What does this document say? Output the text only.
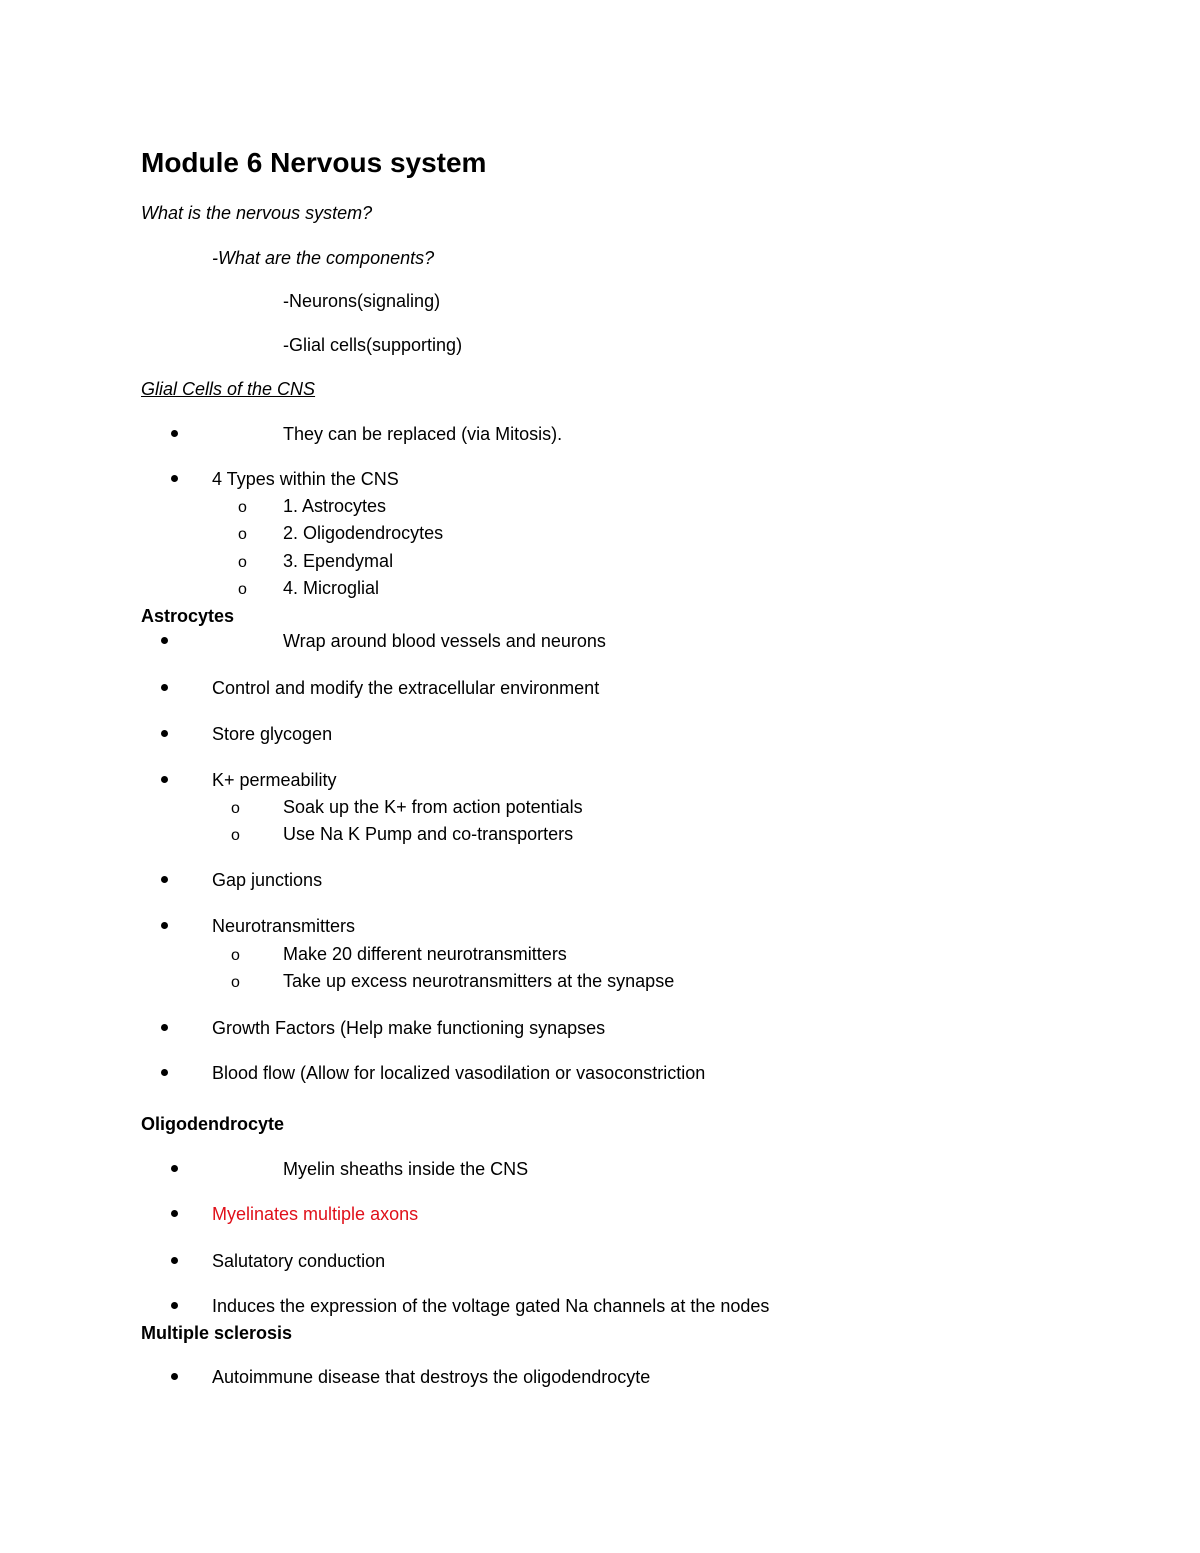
Module 6 Nervous system
What is the nervous system?
-What are the components?
-Neurons(signaling)
-Glial cells(supporting)
Glial Cells of the CNS
They can be replaced (via Mitosis).
4 Types within the CNS
o 1. Astrocytes
o 2. Oligodendrocytes
o 3. Ependymal
o 4. Microglial
Astrocytes
Wrap around blood vessels and neurons
Control and modify the extracellular environment
Store glycogen
K+ permeability
o Soak up the K+ from action potentials
o Use Na K Pump and co-transporters
Gap junctions
Neurotransmitters
o Make 20 different neurotransmitters
o Take up excess neurotransmitters at the synapse
Growth Factors (Help make functioning synapses
Blood flow (Allow for localized vasodilation or vasoconstriction
Oligodendrocyte
Myelin sheaths inside the CNS
Myelinates multiple axons
Salutatory conduction
Induces the expression of the voltage gated Na channels at the nodes
Multiple sclerosis
Autoimmune disease that destroys the oligodendrocyte
